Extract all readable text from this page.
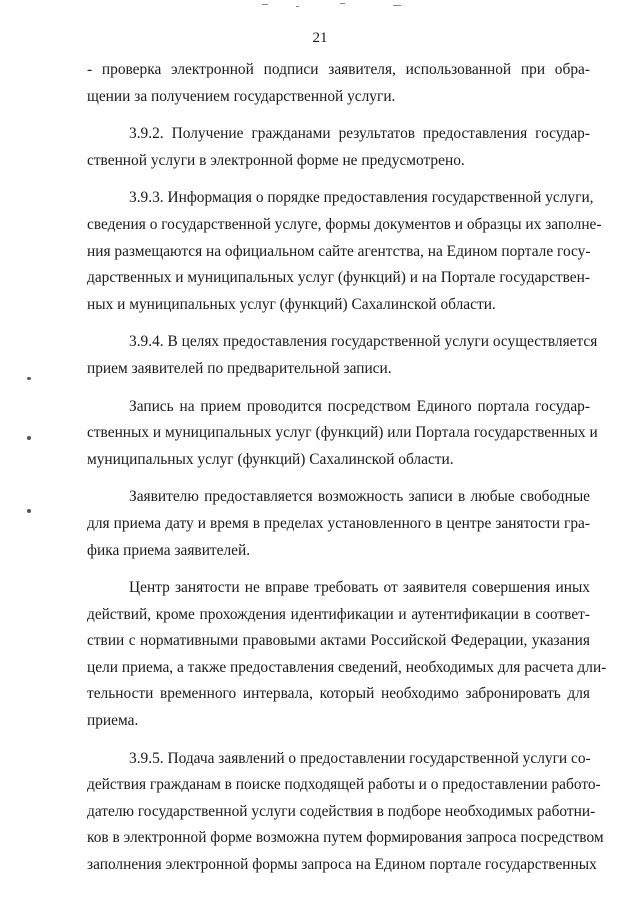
21
- проверка электронной подписи заявителя, использованной при обра-
щении за получением государственной услуги.
3.9.2. Получение гражданами результатов предоставления государ-
ственной услуги в электронной форме не предусмотрено.
3.9.3. Информация о порядке предоставления государственной услуги,
сведения о государственной услуге, формы документов и образцы их заполне-
ния размещаются на официальном сайте агентства, на Едином портале госу-
дарственных и муниципальных услуг (функций) и на Портале государствен-
ных и муниципальных услуг (функций) Сахалинской области.
3.9.4. В целях предоставления государственной услуги осуществляется
прием заявителей по предварительной записи.
Запись на прием проводится посредством Единого портала государ-
ственных и муниципальных услуг (функций) или Портала государственных и
муниципальных услуг (функций) Сахалинской области.
Заявителю предоставляется возможность записи в любые свободные
для приема дату и время в пределах установленного в центре занятости гра-
фика приема заявителей.
Центр занятости не вправе требовать от заявителя совершения иных
действий, кроме прохождения идентификации и аутентификации в соответ-
ствии с нормативными правовыми актами Российской Федерации, указания
цели приема, а также предоставления сведений, необходимых для расчета дли-
тельности временного интервала, который необходимо забронировать для
приема.
3.9.5. Подача заявлений о предоставлении государственной услуги со-
действия гражданам в поиске подходящей работы и о предоставлении работо-
дателю государственной услуги содействия в подборе необходимых работни-
ков в электронной форме возможна путем формирования запроса посредством
заполнения электронной формы запроса на Едином портале государственных
